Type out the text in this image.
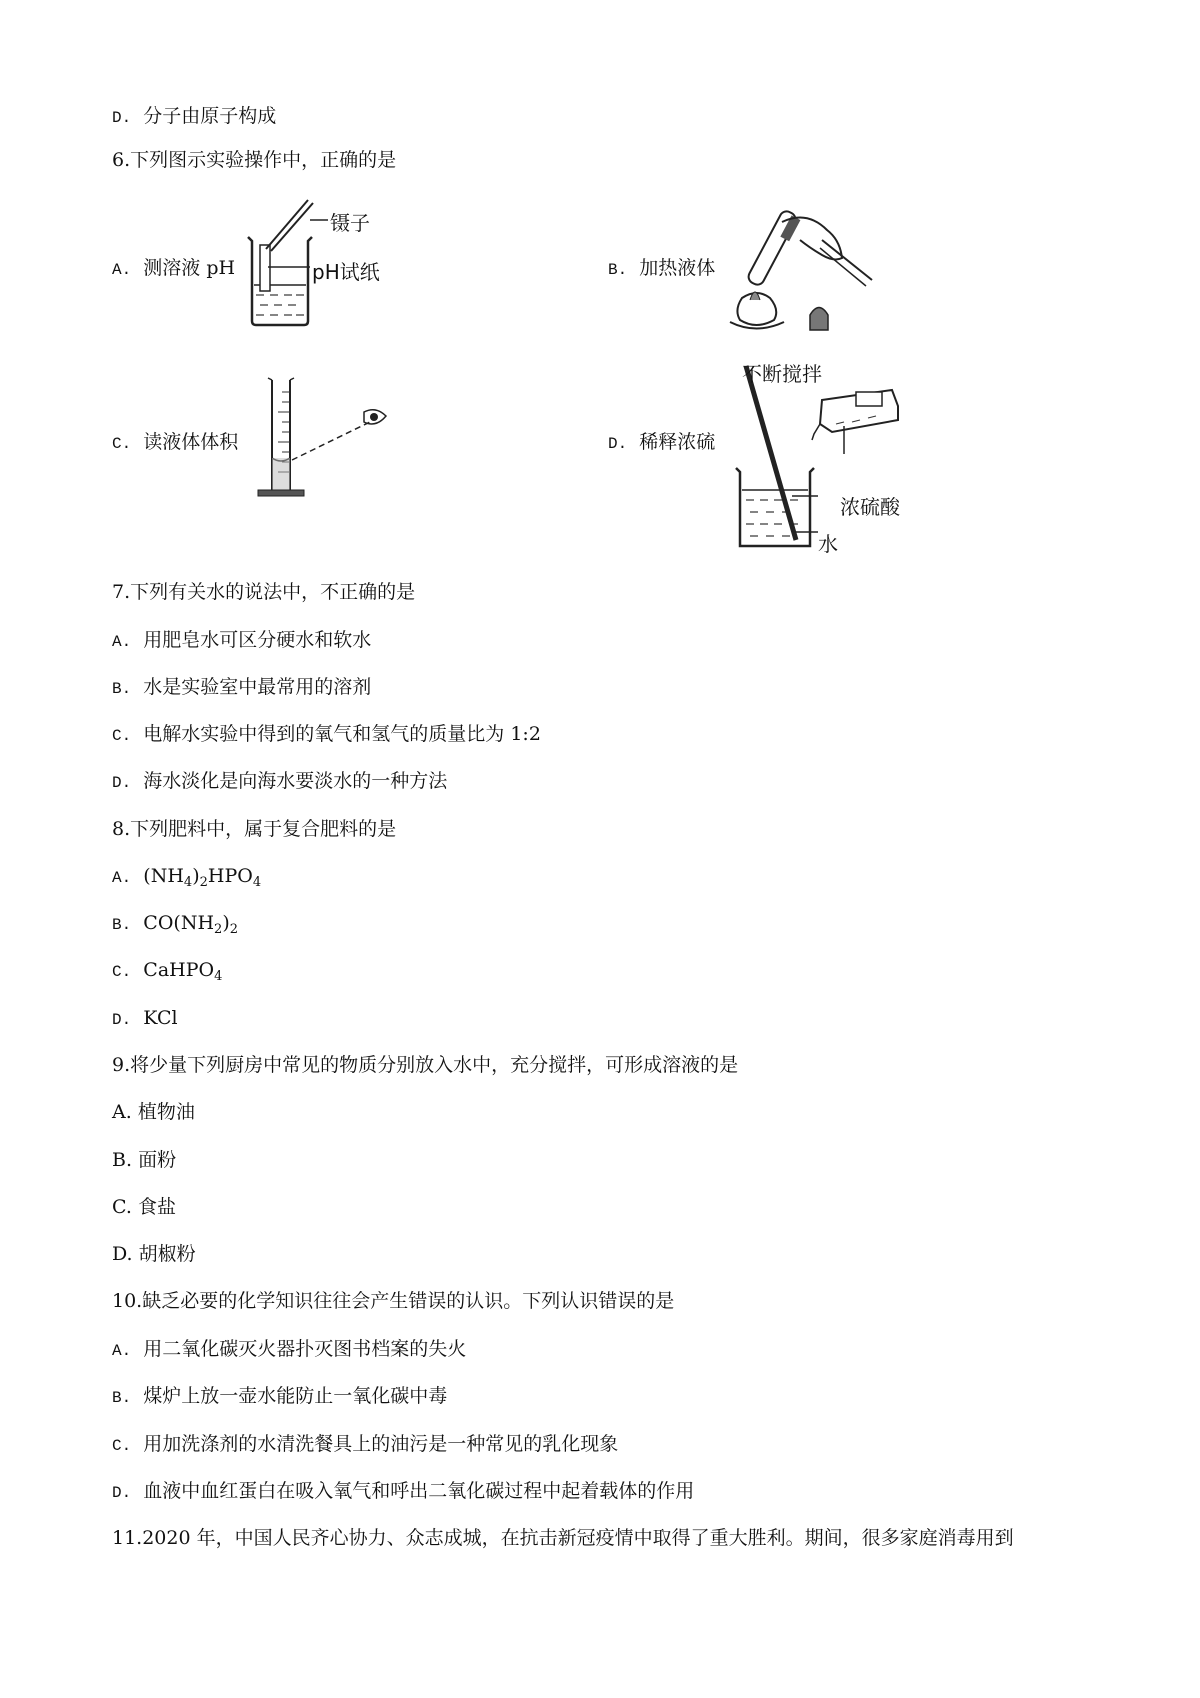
D. 分子由原子构成
6.下列图示实验操作中，正确的是
A. 测溶液 pH
镊子
pH试纸	B. 加热液体
C. 读液体体积	D. 稀释浓硫
不断搅拌
浓硫酸
水
7.下列有关水的说法中，不正确的是
A. 用肥皂水可区分硬水和软水
B. 水是实验室中最常用的溶剂
C. 电解水实验中得到的氧气和氢气的质量比为 1:2
D. 海水淡化是向海水要淡水的一种方法
8.下列肥料中，属于复合肥料的是
A. $(NH_4)_2HPO_4$
B. $CO(NH_2)_2$
C. CaHPO$_4$
D. KCl
9.将少量下列厨房中常见的物质分别放入水中，充分搅拌，可形成溶液的是
A. 植物油
B. 面粉
C. 食盐
D. 胡椒粉
10.缺乏必要的化学知识往往会产生错误的认识。下列认识错误的是
A. 用二氧化碳灭火器扑灭图书档案的失火
B. 煤炉上放一壶水能防止一氧化碳中毒
C. 用加洗涤剂的水清洗餐具上的油污是一种常见的乳化现象
D. 血液中血红蛋白在吸入氧气和呼出二氧化碳过程中起着载体的作用
11.2020 年，中国人民齐心协力、众志成城，在抗击新冠疫情中取得了重大胜利。期间，很多家庭消毒用到
